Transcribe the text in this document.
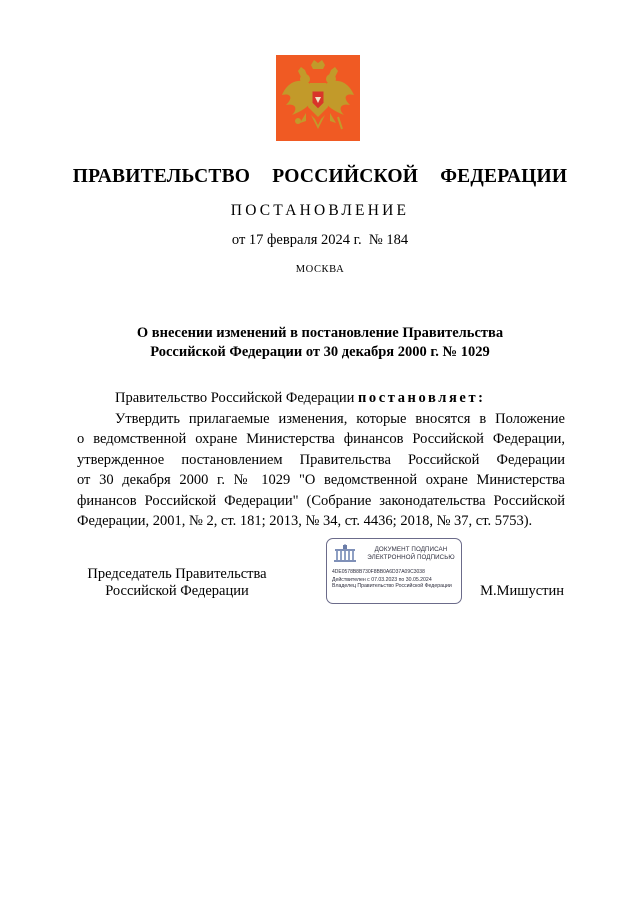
ПРАВИТЕЛЬСТВО  РОССИЙСКОЙ  ФЕДЕРАЦИИ
ПОСТАНОВЛЕНИЕ
от 17 февраля 2024 г.  № 184
МОСКВА
О внесении изменений в постановление Правительства
Российской Федерации от 30 декабря 2000 г. № 1029
Правительство Российской Федерации постановляет:
Утвердить прилагаемые изменения, которые вносятся в Положение
о ведомственной охране Министерства финансов Российской Федерации,
утвержденное постановлением Правительства Российской Федерации
от 30 декабря 2000 г. № 1029 "О ведомственной охране Министерства
финансов Российской Федерации" (Собрание законодательства Российской
Федерации, 2001, № 2, ст. 181; 2013, № 34, ст. 4436; 2018, № 37, ст. 5753).
Председатель Правительства
Российской Федерации
ДОКУМЕНТ ПОДПИСАН
ЭЛЕКТРОННОЙ ПОДПИСЬЮ
4DE0578B8B730F8BB0A6D37A09C3038
Действителен с 07.03.2023 по 30.05.2024
Владелец Правительство Российской Федерации М.Мишустин
